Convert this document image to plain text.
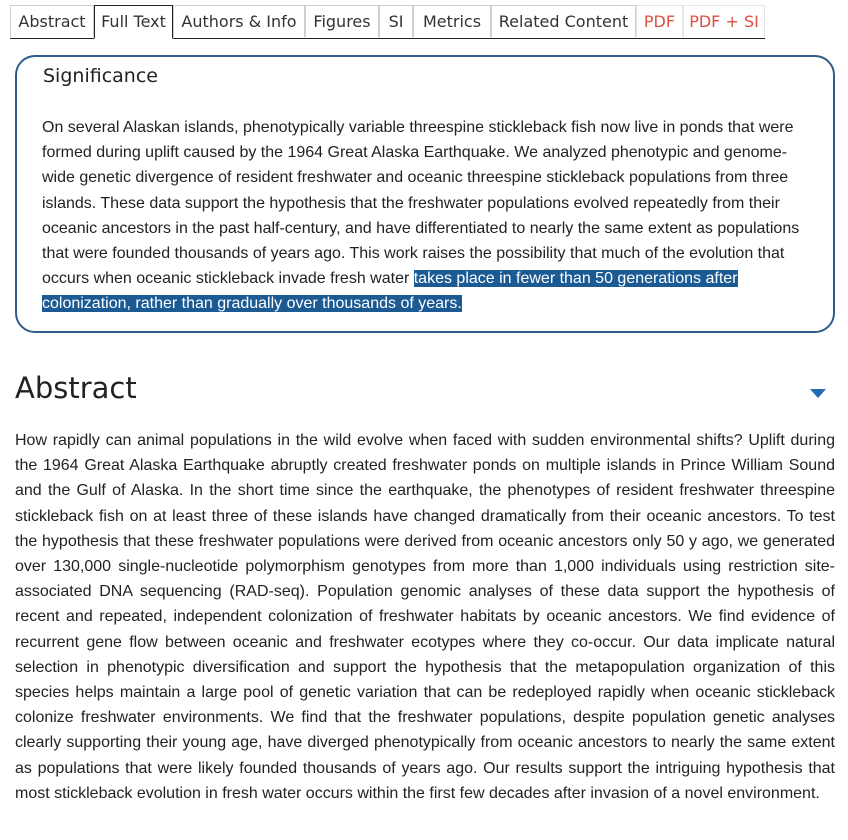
Abstract Full Text Authors & Info	Figures	SI	Metrics	Related Content PDF PDF + SI
Significance
On several Alaskan islands, phenotypically variable threespine stickleback fish now live in ponds that were formed during uplift caused by the 1964 Great Alaska Earthquake. We analyzed phenotypic and genome-wide genetic divergence of resident freshwater and oceanic threespine stickleback populations from three islands. These data support the hypothesis that the freshwater populations evolved repeatedly from their oceanic ancestors in the past half-century, and have differentiated to nearly the same extent as populations that were founded thousands of years ago. This work raises the possibility that much of the evolution that occurs when oceanic stickleback invade fresh water takes place in fewer than 50 generations after colonization, rather than gradually over thousands of years.
Abstract
How rapidly can animal populations in the wild evolve when faced with sudden environmental shifts? Uplift during the 1964 Great Alaska Earthquake abruptly created freshwater ponds on multiple islands in Prince William Sound and the Gulf of Alaska. In the short time since the earthquake, the phenotypes of resident freshwater threespine stickleback fish on at least three of these islands have changed dramatically from their oceanic ancestors. To test the hypothesis that these freshwater populations were derived from oceanic ancestors only 50 y ago, we generated over 130,000 single-nucleotide polymorphism genotypes from more than 1,000 individuals using restriction site-associated DNA sequencing (RAD-seq). Population genomic analyses of these data support the hypothesis of recent and repeated, independent colonization of freshwater habitats by oceanic ancestors. We find evidence of recurrent gene flow between oceanic and freshwater ecotypes where they co-occur. Our data implicate natural selection in phenotypic diversification and support the hypothesis that the metapopulation organization of this species helps maintain a large pool of genetic variation that can be redeployed rapidly when oceanic stickleback colonize freshwater environments. We find that the freshwater populations, despite population genetic analyses clearly supporting their young age, have diverged phenotypically from oceanic ancestors to nearly the same extent as populations that were likely founded thousands of years ago. Our results support the intriguing hypothesis that most stickleback evolution in fresh water occurs within the first few decades after invasion of a novel environment.
